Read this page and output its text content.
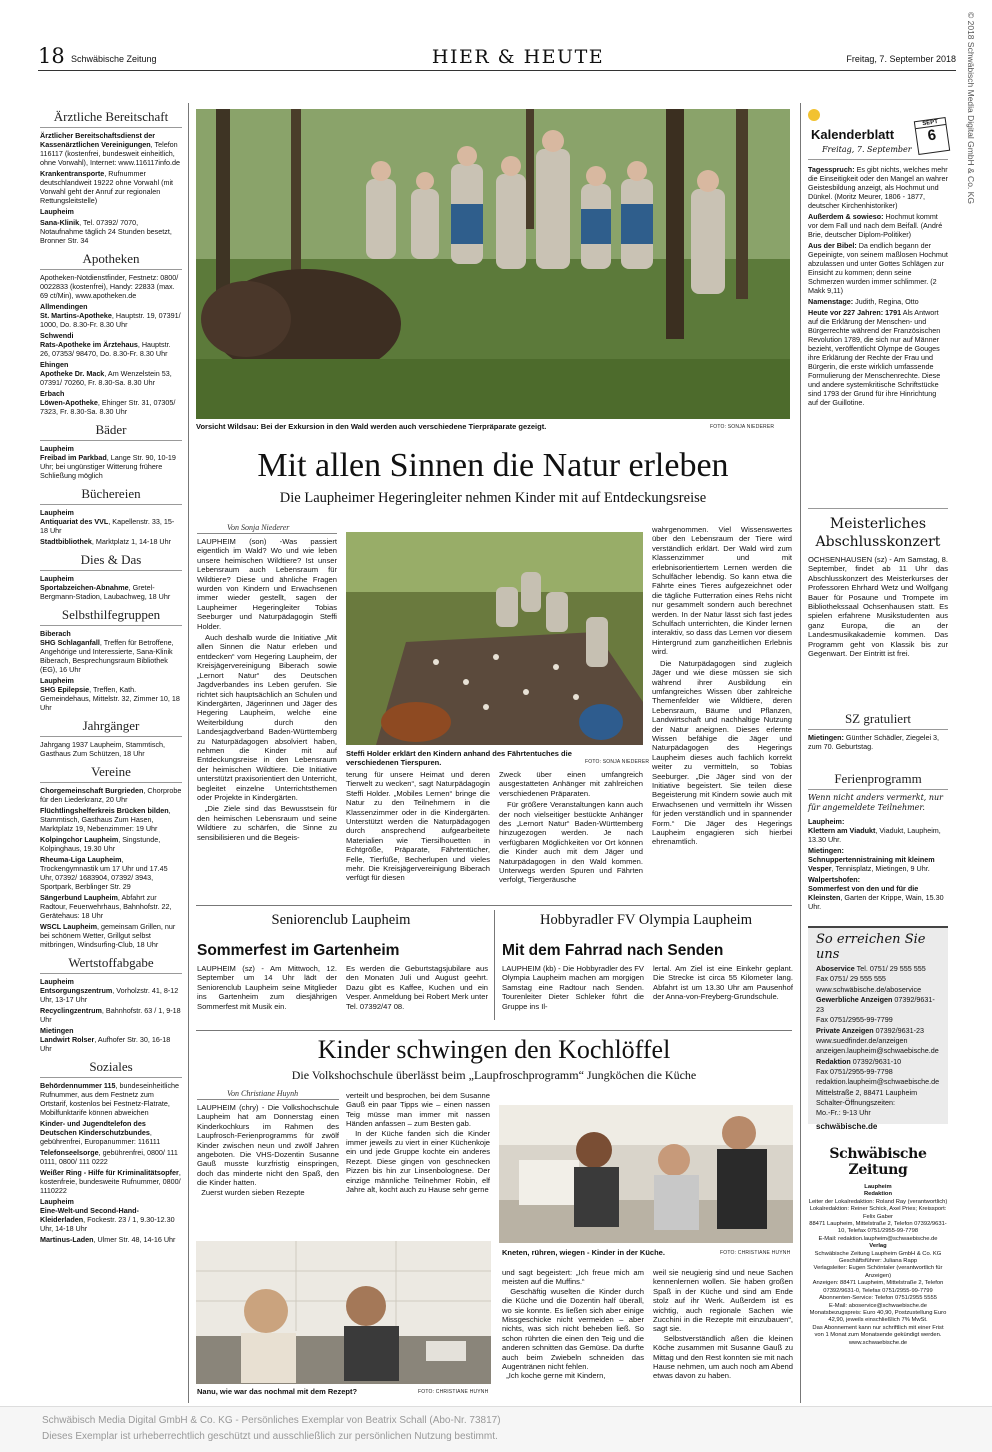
18 Schwäbische Zeitung	HIER & HEUTE	Freitag, 7. September 2018	© 2018 Schwäbisch Media Digital GmbH & Co. KG
Ärztliche Bereitschaft
Ärztlicher Bereitschaftsdienst der Kassenärztlichen Vereinigungen, Telefon 116117 (kostenfrei, bundesweit einheitlich, ohne Vorwahl), Internet: www.116117info.de
Krankentransporte, Rufnummer deutschlandweit 19222 ohne Vorwahl (mit Vorwahl geht der Anruf zur regionalen Rettungsleitstelle)
Laupheim
Sana-Klinik, Tel. 07392/ 7070, Notaufnahme täglich 24 Stunden besetzt, Bronner Str. 34
Apotheken
Apotheken-Notdienstfinder, Festnetz: 0800/ 0022833 (kostenfrei), Handy: 22833 (max. 69 ct/Min), www.apotheken.de
Allmendingen
St. Martins-Apotheke, Hauptstr. 19, 07391/ 1000, Do. 8.30-Fr. 8.30 Uhr
Schwendi
Rats-Apotheke im Ärztehaus, Hauptstr. 26, 07353/ 98470, Do. 8.30-Fr. 8.30 Uhr
Ehingen
Apotheke Dr. Mack, Am Wenzelstein 53, 07391/ 70260, Fr. 8.30-Sa. 8.30 Uhr
Erbach
Löwen-Apotheke, Ehinger Str. 31, 07305/ 7323, Fr. 8.30-Sa. 8.30 Uhr
Bäder
Laupheim
Freibad im Parkbad, Lange Str. 90, 10-19 Uhr; bei ungünstiger Witterung frühere Schließung möglich
Büchereien
Laupheim
Antiquariat des VVL, Kapellenstr. 33, 15-18 Uhr
Stadtbibliothek, Marktplatz 1, 14-18 Uhr
Dies & Das
Laupheim
Sportabzeichen-Abnahme, Gretel-Bergmann-Stadion, Laubachweg, 18 Uhr
Selbsthilfegruppen
Biberach
SHG Schlaganfall, Treffen für Betroffene, Angehörige und Interessierte, Sana-Klinik Biberach, Besprechungsraum Bibliothek (EG), 16 Uhr
Laupheim
SHG Epilepsie, Treffen, Kath. Gemeindehaus, Mittelstr. 32, Zimmer 10, 18 Uhr
Jahrgänger
Jahrgang 1937 Laupheim, Stammtisch, Gasthaus Zum Schützen, 18 Uhr
Vereine
Chorgemeinschaft Burgrieden, Chorprobe für den Liederkranz, 20 Uhr
Flüchtlingshelferkreis Brücken bilden, Stammtisch, Gasthaus Zum Hasen, Marktplatz 19, Nebenzimmer: 19 Uhr
Kolpingchor Laupheim, Singstunde, Kolpinghaus, 19.30 Uhr
Rheuma-Liga Laupheim, Trockengymnastik um 17 Uhr und 17.45 Uhr, 07392/ 1683904, 07392/ 3943, Sportpark, Berblinger Str. 29
Sängerbund Laupheim, Abfahrt zur Radtour, Feuerwehrhaus, Bahnhofstr. 22, Gerätehaus: 18 Uhr
WSCL Laupheim, gemeinsam Grillen, nur bei schönem Wetter, Grillgut selbst mitbringen, Windsurfing-Club, 18 Uhr
Wertstoffabgabe
Laupheim
Entsorgungszentrum, Vorholzstr. 41, 8-12 Uhr, 13-17 Uhr
Recyclingzentrum, Bahnhofstr. 63 / 1, 9-18 Uhr
Mietingen
Landwirt Rolser, Aufhofer Str. 30, 16-18 Uhr
Soziales
Behördennummer 115, bundeseinheitliche Rufnummer, aus dem Festnetz zum Ortstarif, kostenlos bei Festnetz-Flatrate, Mobilfunktarife können abweichen
Kinder- und Jugendtelefon des Deutschen Kinderschutzbundes, gebührenfrei, Europanummer: 116111
Telefonseelsorge, gebührenfrei, 0800/ 111 0111, 0800/ 111 0222
Weißer Ring - Hilfe für Kriminalitätsopfer, kostenfreie, bundesweite Rufnummer, 0800/ 1110222
Laupheim
Eine-Welt-und Second-Hand-Kleiderladen, Fockestr. 23 / 1, 9.30-12.30 Uhr, 14-18 Uhr
Martinus-Laden, Ulmer Str. 48, 14-16 Uhr
Vorsicht Wildsau: Bei der Exkursion in den Wald werden auch verschiedene Tierpräparate gezeigt.	FOTO: SONJA NIEDERER
Mit allen Sinnen die Natur erleben
Die Laupheimer Hegeringleiter nehmen Kinder mit auf Entdeckungsreise
Von Sonja Niederer

LAUPHEIM (son) -Was passiert eigentlich im Wald? Wo und wie leben unsere heimischen Wildtiere? Ist unser Lebensraum auch Lebensraum für Wildtiere? Diese und ähnliche Fragen wurden von Kindern und Erwachsenen immer wieder gestellt, sagen der Laupheimer Hegeringleiter Tobias Seeburger und Naturpädagogin Steffi Holder.

Auch deshalb wurde die Initiative „Mit allen Sinnen die Natur erleben und entdecken“ vom Hegering Laupheim, der Kreisjägervereinigung Biberach sowie „Lernort Natur“ des Deutschen Jagdverbandes ins Leben gerufen. Sie richtet sich hauptsächlich an Schulen und Kindergärten, Jägerinnen und Jäger des Hegering Laupheim, welche eine Weiterbildung durch den Landesjagdverband Baden-Württemberg zu Naturpädagogen absolviert haben, nehmen die Kinder mit auf Entdeckungsreise in den Lebensraum der heimischen Wildtiere. Die Initiative unterstützt praxisorientiert den Unterricht, begleitet einzelne Unterrichtsthemen oder Projekte in Kindergärten.

„Die Ziele sind das Bewusstsein für den heimischen Lebensraum und seine Wildtiere zu schärfen, die Sinne zu sensibilisieren und die Begeis-

Steffi Holder erklärt den Kindern anhand des Fährtentuches die verschiedenen Tierspuren.	FOTO: SONJA NIEDERER

terung für unsere Heimat und deren Tierwelt zu wecken“, sagt Naturpädagogin Steffi Holder. „Mobiles Lernen“ bringe die Natur zu den Teilnehmern in die Klassenzimmer oder in die Kindergärten. Unterstützt werden die Naturpädagogen durch ansprechend aufgearbeitete Materialien wie Tiersilhouetten in Echtgröße, Präparate, Fährtentücher, Felle, Tierfüße, Becherlupen und vieles mehr. Die Kreisjägervereinigung Biberach verfügt für diesen

Zweck über einen umfangreich ausgestatteten Anhänger mit zahlreichen verschiedenen Präparaten.

Für größere Veranstaltungen kann auch der noch vielseitiger bestückte Anhänger des „Lernort Natur“ Baden-Württemberg hinzugezogen werden. Je nach verfügbaren Möglichkeiten vor Ort können die Kinder auch mit dem Jäger und Naturpädagogen in den Wald kommen. Unterwegs werden Spuren und Fährten verfolgt, Tiergeräusche

wahrgenommen. Viel Wissenswertes über den Lebensraum der Tiere wird verständlich erklärt. Der Wald wird zum Klassenzimmer und mit erlebnisorientiertem Lernen werden die Schulfächer lebendig. So kann etwa die Fährte eines Tieres aufgezeichnet oder die tägliche Futterration eines Rehs nicht nur gesammelt sondern auch berechnet werden. In der Natur lässt sich fast jedes Schulfach unterrichten, die Kinder lernen interaktiv, so dass das Lernen vor diesem Hintergrund zum ganzheitlichen Erlebnis wird.

Die Naturpädagogen sind zugleich Jäger und wie diese müssen sie sich während ihrer Ausbildung ein umfangreiches Wissen über zahlreiche Themenfelder wie Wildtiere, deren Lebensraum, Bäume und Pflanzen, Landwirtschaft und nachhaltige Nutzung der Natur aneignen. Dieses erlernte Wissen befähige die Jäger und Naturpädagogen des Hegerings Laupheim dieses auch fachlich korrekt weiter zu vermitteln, so Tobias Seeburger. „Die Jäger sind von der Initiative begeistert. Sie teilen diese Begeisterung mit Kindern sowie auch mit Erwachsenen und vermitteln ihr Wissen für jeden verständlich und in spannender Form.“ Die Jäger des Hegerings Laupheim engagieren sich hierbei ehrenamtlich.

Seniorenclub Laupheim
Sommerfest im Gartenheim
LAUPHEIM (sz) - Am Mittwoch, 12. September um 14 Uhr lädt der Seniorenclub Laupheim seine Mitglieder ins Gartenheim zum diesjährigen Sommerfest mit Musik ein.
Es werden die Geburtstagsjubilare aus den Monaten Juli und August geehrt. Dazu gibt es Kaffee, Kuchen und ein Vesper. Anmeldung bei Robert Merk unter Tel. 07392/47 08.
Hobbyradler FV Olympia Laupheim
Mit dem Fahrrad nach Senden
LAUPHEIM (kb) - Die Hobbyradler des FV Olympia Laupheim machen am morgigen Samstag eine Radtour nach Senden. Tourenleiter Dieter Schleker führt die Gruppe ins Il-
lertal. Am Ziel ist eine Einkehr geplant. Die Strecke ist circa 55 Kilometer lang. Abfahrt ist um 13.30 Uhr am Pausenhof der Anna-von-Freyberg-Grundschule.
Kinder schwingen den Kochlöffel
Die Volkshochschule überlässt beim „Laupfroschprogramm“ Jungköchen die Küche
Von Christiane Huynh
LAUPHEIM (chry) - Die Volkshochschule Laupheim hat am Donnerstag einen Kinderkochkurs im Rahmen des Laupfrosch-Ferienprogramms für zwölf Kinder zwischen neun und zwölf Jahren angeboten. Die VHS-Dozentin Susanne Gauß musste kurzfristig einspringen, doch das minderte nicht den Spaß, den die Kinder hatten.
Zuerst wurden sieben Rezepte
verteilt und besprochen, bei dem Susanne Gauß ein paar Tipps wie – einen nassen Teig müsse man immer mit nassen Händen anfassen – zum Besten gab.
In der Küche fanden sich die Kinder immer jeweils zu viert in einer Küchenkoje ein und jede Gruppe kochte ein anderes Rezept. Diese gingen von geschnecken Pizzen bis hin zur Linsenbolognese. Der einzige männliche Teilnehmer Robin, elf Jahre alt, kocht auch zu Hause sehr gerne
Kneten, rühren, wiegen - Kinder in der Küche.	FOTO: CHRISTIANE HUYNH
Nanu, wie war das nochmal mit dem Rezept?	FOTO: CHRISTIANE HUYNH
und sagt begeistert: „Ich freue mich am meisten auf die Muffins.“
Geschäftig wuselten die Kinder durch die Küche und die Dozentin half überall, wo sie konnte. Es ließen sich aber einige Missgeschicke nicht vermeiden – aber nichts, was sich nicht beheben ließ. So schon rührten die einen den Teig und die anderen schnitten das Gemüse. Da durfte auch beim Zwiebeln schneiden das Augentränen nicht fehlen.
„Ich koche gerne mit Kindern,
weil sie neugierig sind und neue Sachen kennenlernen wollen. Sie haben großen Spaß in der Küche und sind am Ende stolz auf ihr Werk. Außerdem ist es wichtig, auch regionale Sachen wie Zucchini in die Rezepte mit einzubauen“, sagt sie.
Selbstverständlich aßen die kleinen Köche zusammen mit Susanne Gauß zu Mittag und den Rest konnten sie mit nach Hause nehmen, um auch noch am Abend etwas davon zu haben.
Kalenderblatt
Freitag, 7. September
SEPT
6
Tagesspruch: Es gibt nichts, welches mehr die Einseitigkeit oder den Mangel an wahrer Geistesbildung anzeigt, als Hochmut und Dünkel. (Moritz Meurer, 1806 - 1877, deutscher Kirchenhistoriker)
Außerdem & sowieso: Hochmut kommt vor dem Fall und nach dem Beifall. (André Brie, deutscher Diplom-Politiker)
Aus der Bibel: Da endlich begann der Gepeinigte, von seinem maßlosen Hochmut abzulassen und unter Gottes Schlägen zur Einsicht zu kommen; denn seine Schmerzen wurden immer schlimmer. (2 Makk 9,11)
Namenstage: Judith, Regina, Otto
Heute vor 227 Jahren: 1791 Als Antwort auf die Erklärung der Menschen- und Bürgerrechte während der Französischen Revolution 1789, die sich nur auf Männer bezieht, veröffentlicht Olympe de Gouges ihre Erklärung der Rechte der Frau und Bürgerin, die erste wirklich umfassende Formulierung der Menschenrechte. Diese und andere systemkritische Schriftstücke sind 1793 der Grund für ihre Hinrichtung auf der Guillotine.
Meisterliches Abschlusskonzert
OCHSENHAUSEN (sz) - Am Samstag, 8. September, findet ab 11 Uhr das Abschlusskonzert des Meisterkurses der Professoren Ehrhard Wetz und Wolfgang Bauer für Posaune und Trompete im Bibliothekssaal Ochsenhausen statt. Es spielen erfahrene Musikstudenten aus ganz Europa, die an der Landesmusikakademie kommen. Das Programm geht von Klassik bis zur Gegenwart. Der Eintritt ist frei.
SZ gratuliert
Mietingen: Günther Schädler, Ziegelei 3, zum 70. Geburtstag.
Ferienprogramm
Wenn nicht anders vermerkt, nur für angemeldete Teilnehmer.
Laupheim:
Klettern am Viadukt, Viadukt, Laupheim, 13.30 Uhr.
Mietingen:
Schnuppertennistraining mit kleinem Vesper, Tennisplatz, Mietingen, 9 Uhr.
Walpertshofen:
Sommerfest von den und für die Kleinsten, Garten der Krippe, Wain, 15.30 Uhr.
So erreichen Sie uns
Aboservice Tel. 0751/ 29 555 555
Fax 0751/ 29 555 555
www.schwäbische.de/aboservice
Gewerbliche Anzeigen 07392/9631-23
Fax 0751/2955-99-7799
Private Anzeigen 07392/9631-23
www.suedfinder.de/anzeigen
anzeigen.laupheim@schwaebische.de
Redaktion 07392/9631-10
Fax 0751/2955-99-7798
redaktion.laupheim@schwaebische.de
Mittelstraße 2, 88471 Laupheim
Schalter-Öffnungszeiten:
Mo.-Fr.: 9-13 Uhr
schwäbische.de
Schwäbische Zeitung
Laupheim
Redaktion
Leiter der Lokalredaktion: Roland Ray (verantwortlich)
Lokalredaktion: Reiner Schick, Axel Pries; Kreissport: Felix Gaber
88471 Laupheim, Mittelstraße 2, Telefon 07392/9631-10, Telefax 0751/2955-99-7798
E-Mail: redaktion.laupheim@schwaebische.de
Verlag
Schwäbische Zeitung Laupheim GmbH & Co. KG
Geschäftsführer: Juliana Rapp
Verlagsleiter: Eugen Schöntaler (verantwortlich für Anzeigen)
Anzeigen: 88471 Laupheim, Mittelstraße 2, Telefon 07392/9631-0, Telefax 0751/2955-99-7799
Abonnenten-Service: Telefon 0751/2955 5555
E-Mail: aboservice@schwaebische.de
Monatsbezugspreis: Euro 40,90, Postzustellung Euro 42,90, jeweils einschließlich 7% MwSt.
Das Abonnement kann nur schriftlich mit einer Frist von 1 Monat zum Monatsende gekündigt werden.
www.schwaebische.de
Schwäbisch Media Digital GmbH & Co. KG - Persönliches Exemplar von Beatrix Schall (Abo-Nr. 73817)
Dieses Exemplar ist urheberrechtlich geschützt und ausschließlich zur persönlichen Nutzung bestimmt.
